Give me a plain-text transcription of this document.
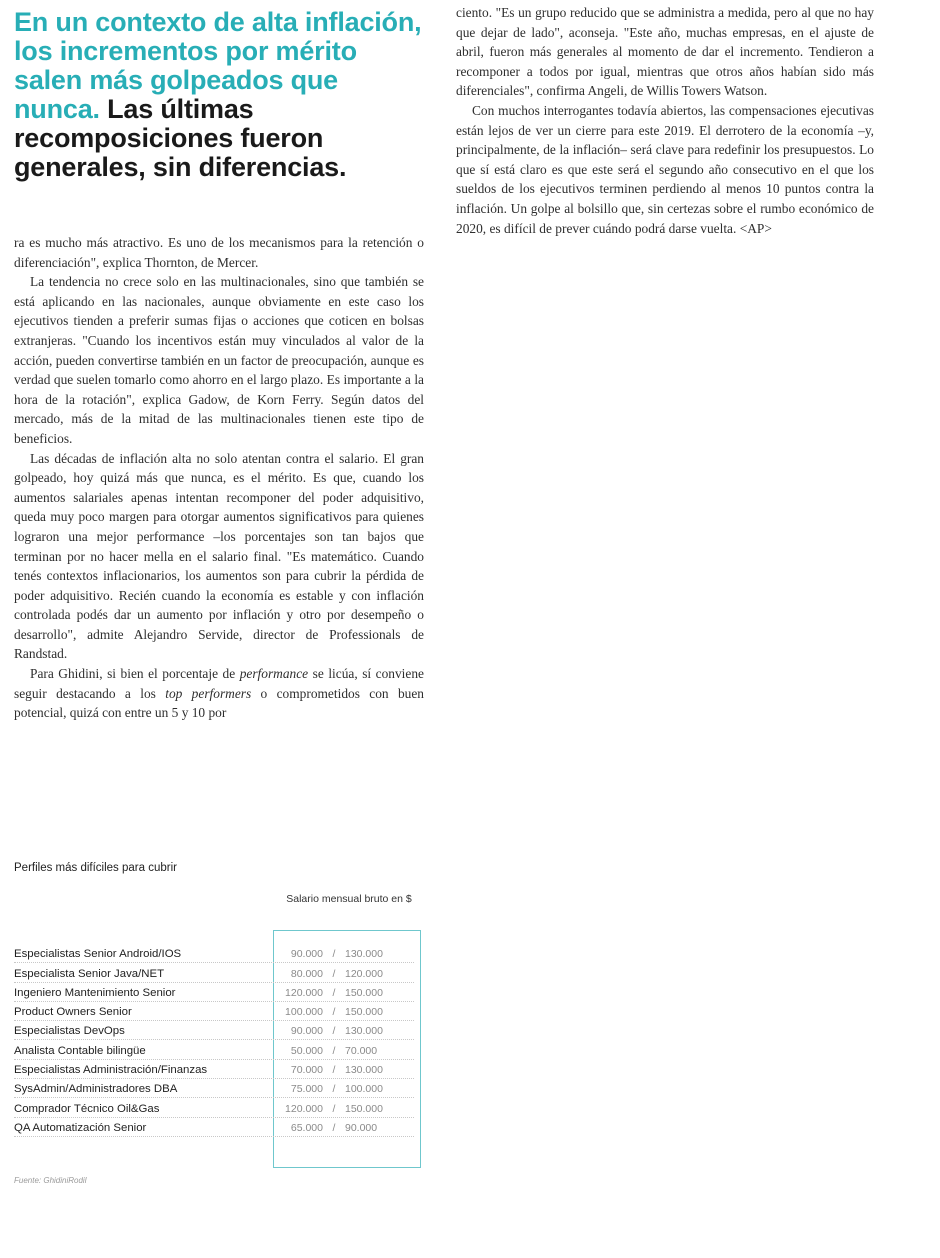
En un contexto de alta inflación, los incrementos por mérito salen más golpeados que nunca. Las últimas recomposiciones fueron generales, sin diferencias.

ra es mucho más atractivo. Es uno de los mecanismos para la retención o diferenciación", explica Thornton, de Mercer.

La tendencia no crece solo en las multinacionales, sino que también se está aplicando en las nacionales, aunque obviamente en este caso los ejecutivos tienden a preferir sumas fijas o acciones que coticen en bolsas extranjeras. "Cuando los incentivos están muy vinculados al valor de la acción, pueden convertirse también en un factor de preocupación, aunque es verdad que suelen tomarlo como ahorro en el largo plazo. Es importante a la hora de la rotación", explica Gadow, de Korn Ferry. Según datos del mercado, más de la mitad de las multinacionales tienen este tipo de beneficios.

Las décadas de inflación alta no solo atentan contra el salario. El gran golpeado, hoy quizá más que nunca, es el mérito. Es que, cuando los aumentos salariales apenas intentan recomponer del poder adquisitivo, queda muy poco margen para otorgar aumentos significativos para quienes lograron una mejor performance –los porcentajes son tan bajos que terminan por no hacer mella en el salario final. "Es matemático. Cuando tenés contextos inflacionarios, los aumentos son para cubrir la pérdida de poder adquisitivo. Recién cuando la economía es estable y con inflación controlada podés dar un aumento por inflación y otro por desempeño o desarrollo", admite Alejandro Servide, director de Professionals de Randstad.

Para Ghidini, si bien el porcentaje de performance se licúa, sí conviene seguir destacando a los top performers o comprometidos con buen potencial, quizá con entre un 5 y 10 por

ciento. "Es un grupo reducido que se administra a medida, pero al que no hay que dejar de lado", aconseja. "Este año, muchas empresas, en el ajuste de abril, fueron más generales al momento de dar el incremento. Tendieron a recomponer a todos por igual, mientras que otros años habían sido más diferenciales", confirma Angeli, de Willis Towers Watson.

Con muchos interrogantes todavía abiertos, las compensaciones ejecutivas están lejos de ver un cierre para este 2019. El derrotero de la economía –y, principalmente, de la inflación– será clave para redefinir los presupuestos. Lo que sí está claro es que este será el segundo año consecutivo en el que los sueldos de los ejecutivos terminen perdiendo al menos 10 puntos contra la inflación. Un golpe al bolsillo que, sin certezas sobre el rumbo económico de 2020, es difícil de prever cuándo podrá darse vuelta. <AP>

Perfiles más difíciles para cubrir
Salario mensual bruto en $
Especialistas Senior Android/IOS	90.000 / 130.000
Especialista Senior Java/NET	80.000 / 120.000
Ingeniero Mantenimiento Senior	120.000 / 150.000
Product Owners Senior	100.000 / 150.000
Especialistas DevOps	90.000 / 130.000
Analista Contable bilingüe	50.000 / 70.000
Especialistas Administración/Finanzas	70.000 / 130.000
SysAdmin/Administradores DBA	75.000 / 100.000
Comprador Técnico Oil&Gas	120.000 / 150.000
QA Automatización Senior	65.000 / 90.000
Fuente: GhidiniRodil
